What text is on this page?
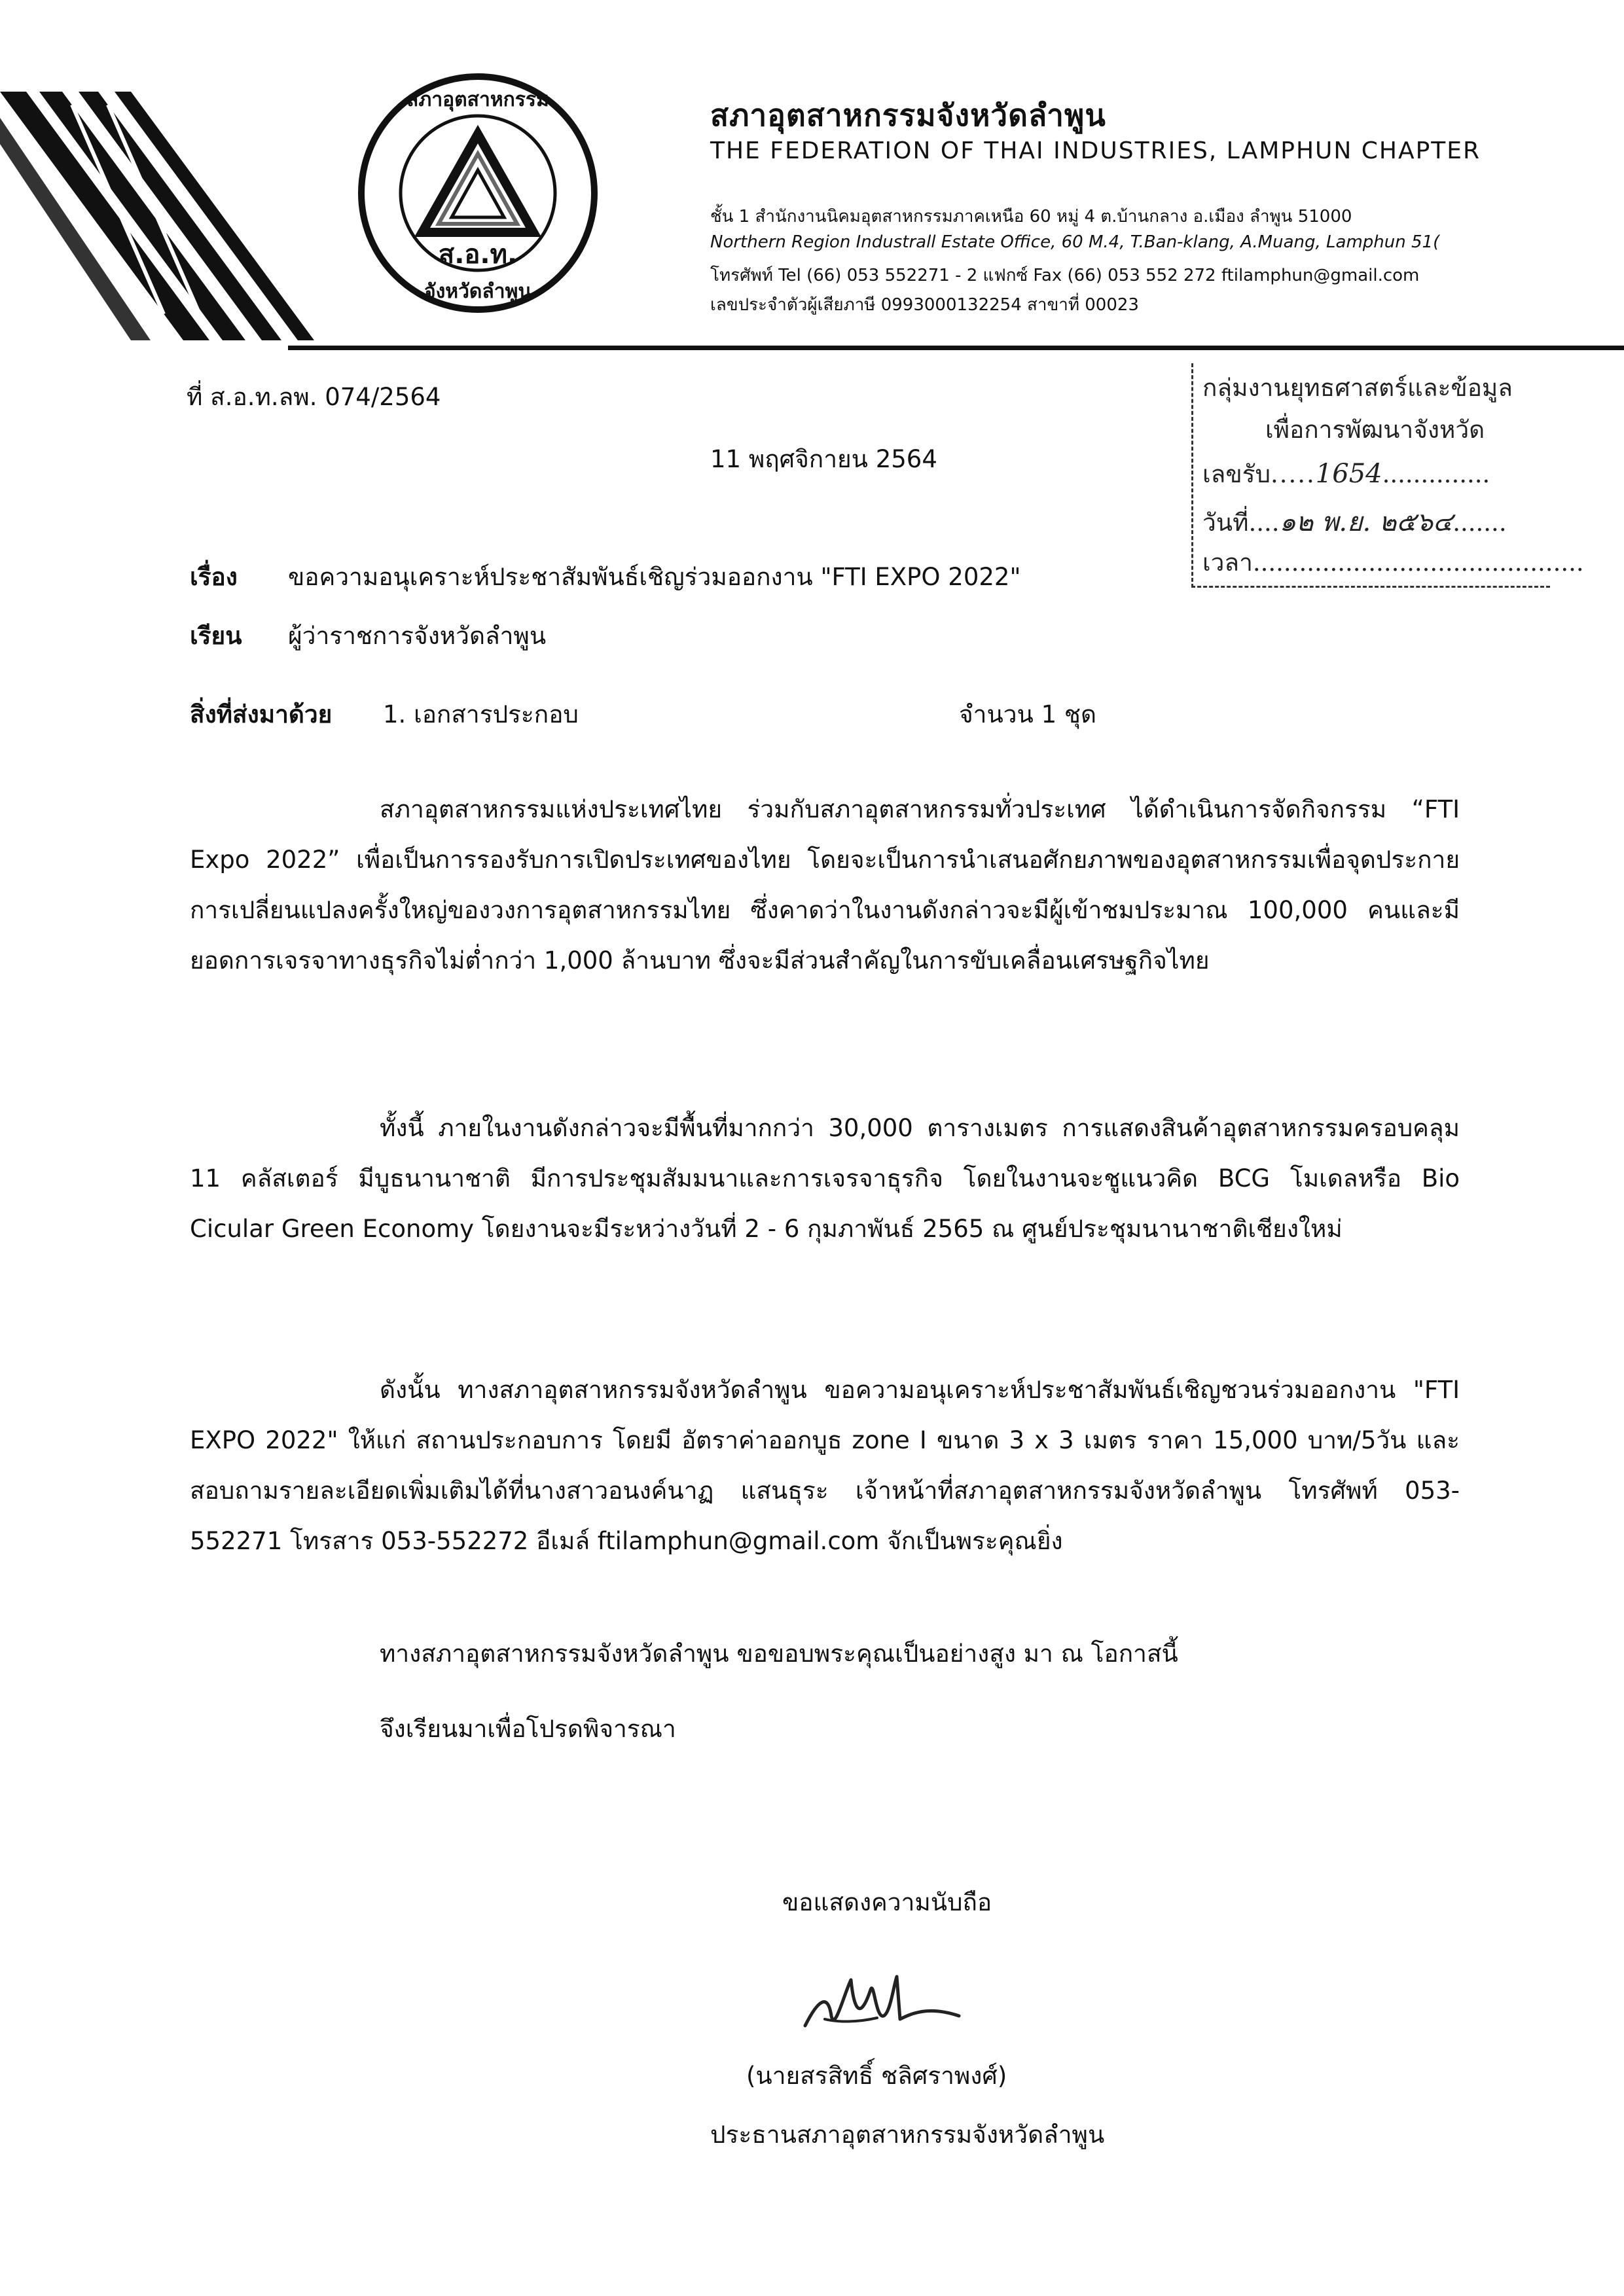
ส.อ.ท.
สภาอุตสาหกรรม
จังหวัดลำพูน
สภาอุตสาหกรรมจังหวัดลำพูน
THE FEDERATION OF THAI INDUSTRIES, LAMPHUN CHAPTER
ชั้น 1 สำนักงานนิคมอุตสาหกรรมภาคเหนือ 60 หมู่ 4 ต.บ้านกลาง อ.เมือง ลำพูน 51000
Northern Region Industrall Estate Office, 60 M.4, T.Ban-klang, A.Muang, Lamphun 51(
โทรศัพท์ Tel (66) 053 552271 - 2 แฟกซ์ Fax (66) 053 552 272 ftilamphun@gmail.com
เลขประจำตัวผู้เสียภาษี 0993000132254 สาขาที่ 00023
กลุ่มงานยุทธศาสตร์และข้อมูล
เพื่อการพัฒนาจังหวัด
เลขรับ.....1654..............
วันที่....๑๒ พ.ย. ๒๕๖๔.......
เวลา...........................................
ที่ ส.อ.ท.ลพ. 074/2564
11 พฤศจิกายน 2564
เรื่อง ขอความอนุเคราะห์ประชาสัมพันธ์เชิญร่วมออกงาน "FTI EXPO 2022"
เรียน ผู้ว่าราชการจังหวัดลำพูน
สิ่งที่ส่งมาด้วย 1. เอกสารประกอบ	จำนวน 1 ชุด
สภาอุตสาหกรรมแห่งประเทศไทย ร่วมกับสภาอุตสาหกรรมทั่วประเทศ ได้ดำเนินการจัดกิจกรรม “FTI Expo 2022” เพื่อเป็นการรองรับการเปิดประเทศของไทย โดยจะเป็นการนำเสนอศักยภาพของอุตสาหกรรมเพื่อจุดประกายการเปลี่ยนแปลงครั้งใหญ่ของวงการอุตสาหกรรมไทย ซึ่งคาดว่าในงานดังกล่าวจะมีผู้เข้าชมประมาณ 100,000 คนและมียอดการเจรจาทางธุรกิจไม่ต่ำกว่า 1,000 ล้านบาท ซึ่งจะมีส่วนสำคัญในการขับเคลื่อนเศรษฐกิจไทย
ทั้งนี้ ภายในงานดังกล่าวจะมีพื้นที่มากกว่า 30,000 ตารางเมตร การแสดงสินค้าอุตสาหกรรมครอบคลุม 11 คลัสเตอร์ มีบูธนานาชาติ มีการประชุมสัมมนาและการเจรจาธุรกิจ โดยในงานจะชูแนวคิด BCG โมเดลหรือ Bio Cicular Green Economy โดยงานจะมีระหว่างวันที่ 2 - 6 กุมภาพันธ์ 2565 ณ ศูนย์ประชุมนานาชาติเชียงใหม่
ดังนั้น ทางสภาอุตสาหกรรมจังหวัดลำพูน ขอความอนุเคราะห์ประชาสัมพันธ์เชิญชวนร่วมออกงาน "FTI EXPO 2022" ให้แก่ สถานประกอบการ โดยมี อัตราค่าออกบูธ zone I ขนาด 3 x 3 เมตร ราคา 15,000 บาท/5วัน และสอบถามรายละเอียดเพิ่มเติมได้ที่นางสาวอนงค์นาฏ แสนธุระ เจ้าหน้าที่สภาอุตสาหกรรมจังหวัดลำพูน โทรศัพท์ 053-552271 โทรสาร 053-552272 อีเมล์ ftilamphun@gmail.com จักเป็นพระคุณยิ่ง
ทางสภาอุตสาหกรรมจังหวัดลำพูน ขอขอบพระคุณเป็นอย่างสูง มา ณ โอกาสนี้
จึงเรียนมาเพื่อโปรดพิจารณา
ขอแสดงความนับถือ
(นายสรสิทธิ์ ชลิศราพงศ์)
ประธานสภาอุตสาหกรรมจังหวัดลำพูน
